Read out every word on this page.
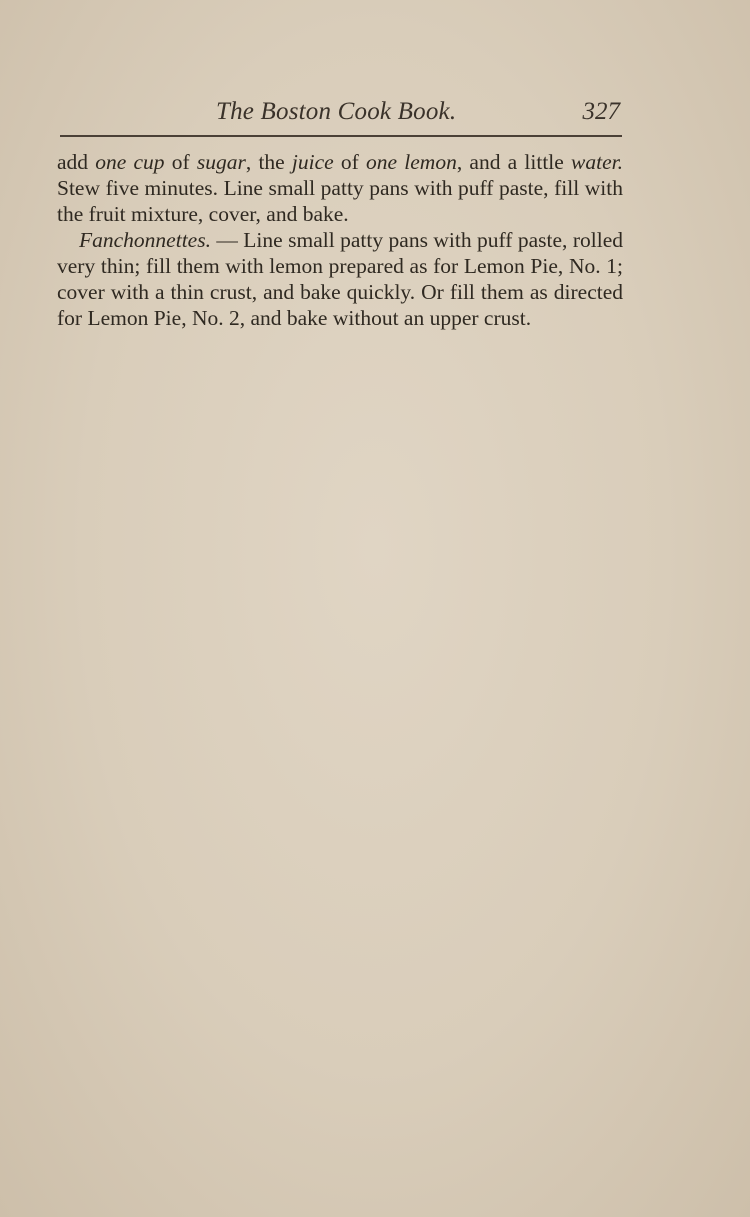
The Boston Cook Book.	327

add one cup of sugar, the juice of one lemon, and a little water. Stew five minutes. Line small patty pans with puff paste, fill with the fruit mixture, cover, and bake.

Fanchonnettes. — Line small patty pans with puff paste, rolled very thin; fill them with lemon prepared as for Lemon Pie, No. 1; cover with a thin crust, and bake quickly. Or fill them as directed for Lemon Pie, No. 2, and bake without an upper crust.
